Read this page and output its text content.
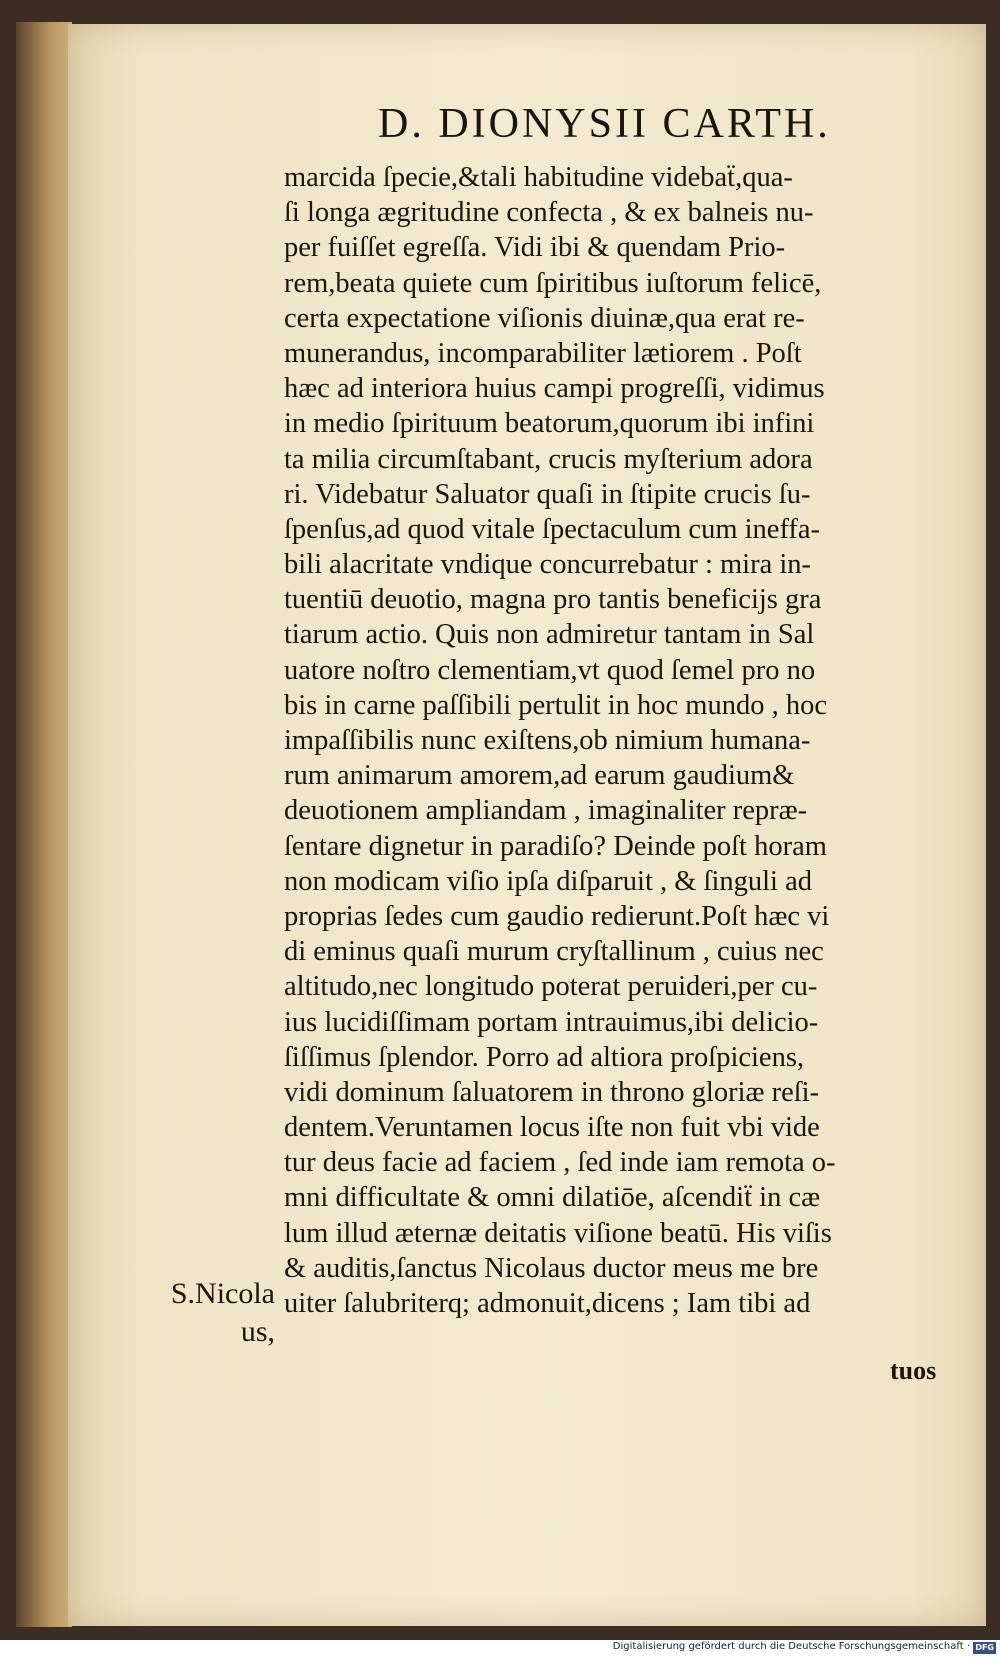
D. DIONYSII CARTH.
marcida ſpecie,&tali habitudine videbaẗ,qua-
ſi longa ægritudine confecta , & ex balneis nu-
per fuiſſet egreſſa. Vidi ibi & quendam Prio-
rem,beata quiete cum ſpiritibus iuſtorum felicē,
certa expectatione viſionis diuinæ,qua erat re-
munerandus, incomparabiliter lætiorem . Poſt
hæc ad interiora huius campi progreſſi, vidimus
in medio ſpirituum beatorum,quorum ibi infini
ta milia circumſtabant, crucis myſterium adora
ri. Videbatur Saluator quaſi in ſtipite crucis ſu-
ſpenſus,ad quod vitale ſpectaculum cum ineffa-
bili alacritate vndique concurrebatur : mira in-
tuentiū deuotio, magna pro tantis beneficijs gra
tiarum actio. Quis non admiretur tantam in Sal
uatore noſtro clementiam,vt quod ſemel pro no
bis in carne paſſibili pertulit in hoc mundo , hoc
impaſſibilis nunc exiſtens,ob nimium humana-
rum animarum amorem,ad earum gaudium&
deuotionem ampliandam , imaginaliter repræ-
ſentare dignetur in paradiſo? Deinde poſt horam
non modicam viſio ipſa diſparuit , & ſinguli ad
proprias ſedes cum gaudio redierunt.Poſt hæc vi
di eminus quaſi murum cryſtallinum , cuius nec
altitudo,nec longitudo poterat peruideri,per cu-
ius lucidiſſimam portam intrauimus,ibi delicio-
ſiſſimus ſplendor. Porro ad altiora proſpiciens,
vidi dominum ſaluatorem in throno gloriæ reſi-
dentem.Veruntamen locus iſte non fuit vbi vide
tur deus facie ad faciem , ſed inde iam remota o-
mni difficultate & omni dilatiōe, aſcendiẗ in cæ
lum illud æternæ deitatis viſione beatū. His viſis
& auditis,ſanctus Nicolaus ductor meus me bre
uiter ſalubriterq; admonuit,dicens ; Iam tibi ad
S.Nicola
us,
tuos
Digitalisierung gefördert durch die Deutsche Forschungsgemeinschaft · DFG
